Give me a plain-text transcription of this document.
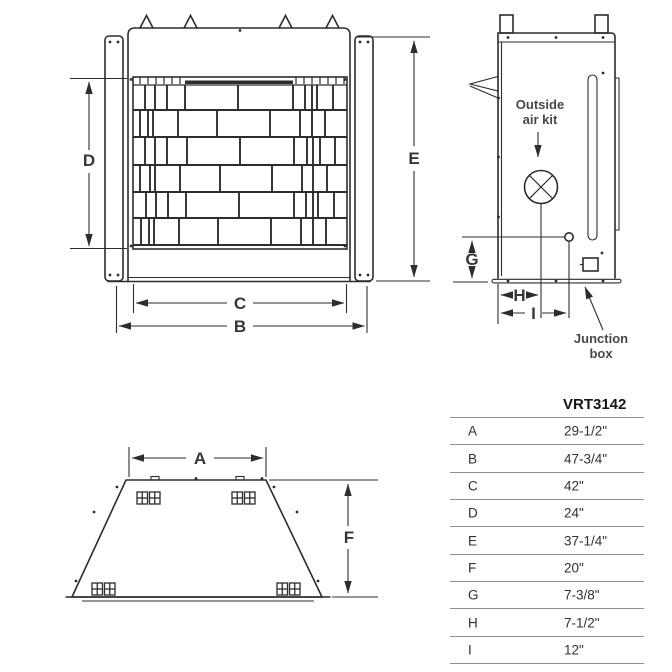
D	E
C
B
Outside
air kit
Junction
box
G
H
I
A
F
VRT3142
A	29-1/2"
B	47-3/4"
C	42"
D	24"
E	37-1/4"
F	20"
G	7-3/8"
H	7-1/2"
I	12"
